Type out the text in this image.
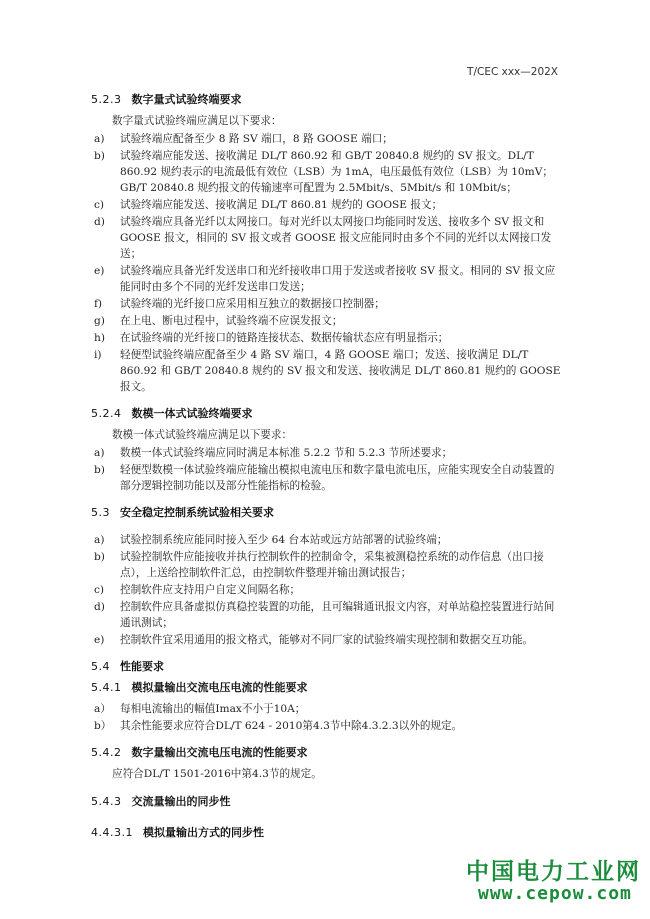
T/CEC xxx—202X
5.2.3 数字量式试验终端要求
数字量式试验终端应满足以下要求：
a)	试验终端应配备至少 8 路 SV 端口，8 路 GOOSE 端口；
b)	试验终端应能发送、接收满足 DL/T 860.92 和 GB/T 20840.8 规约的 SV 报文。DL/T 860.92 规约表示的电流最低有效位（LSB）为 1mA，电压最低有效位（LSB）为 10mV；GB/T 20840.8 规约报文的传输速率可配置为 2.5Mbit/s、5Mbit/s 和 10Mbit/s；
c)	试验终端应能发送、接收满足 DL/T 860.81 规约的 GOOSE 报文；
d)	试验终端应具备光纤以太网接口。每对光纤以太网接口均能同时发送、接收多个 SV 报文和 GOOSE 报文，相同的 SV 报文或者 GOOSE 报文应能同时由多个不同的光纤以太网接口发送；
e)	试验终端应具备光纤发送串口和光纤接收串口用于发送或者接收 SV 报文。相同的 SV 报文应能同时由多个不同的光纤发送串口发送；
f)	试验终端的光纤接口应采用相互独立的数据接口控制器；
g)	在上电、断电过程中，试验终端不应误发报文；
h)	在试验终端的光纤接口的链路连接状态、数据传输状态应有明显指示；
i)	轻便型试验终端应配备至少 4 路 SV 端口，4 路 GOOSE 端口；发送、接收满足 DL/T 860.92 和 GB/T 20840.8 规约的 SV 报文和发送、接收满足 DL/T 860.81 规约的 GOOSE 报文。
5.2.4 数模一体式试验终端要求
数模一体式试验终端应满足以下要求：
a)	数模一体式试验终端应同时满足本标准 5.2.2 节和 5.2.3 节所述要求；
b)	轻便型数模一体试验终端应能输出模拟电流电压和数字量电流电压，应能实现安全自动装置的部分逻辑控制功能以及部分性能指标的检验。
5.3 安全稳定控制系统试验相关要求
a)	试验控制系统应能同时接入至少 64 台本站或远方站部署的试验终端；
b)	试验控制软件应能接收并执行控制软件的控制命令，采集被测稳控系统的动作信息（出口接点），上送给控制软件汇总，由控制软件整理并输出测试报告；
c)	控制软件应支持用户自定义间隔名称；
d)	控制软件应具备虚拟仿真稳控装置的功能，且可编辑通讯报文内容，对单站稳控装置进行站间通讯测试；
e)	控制软件宜采用通用的报文格式，能够对不同厂家的试验终端实现控制和数据交互功能。
5.4 性能要求
5.4.1 模拟量输出交流电压电流的性能要求
a） 每相电流输出的幅值Imax不小于10A；
b） 其余性能要求应符合DL/T 624 - 2010第4.3节中除4.3.2.3以外的规定。
5.4.2 数字量输出交流电压电流的性能要求
应符合DL/T 1501-2016中第4.3节的规定。
5.4.3 交流量输出的同步性
4.4.3.1 模拟量输出方式的同步性
中国电力工业网
www.cepow.com
